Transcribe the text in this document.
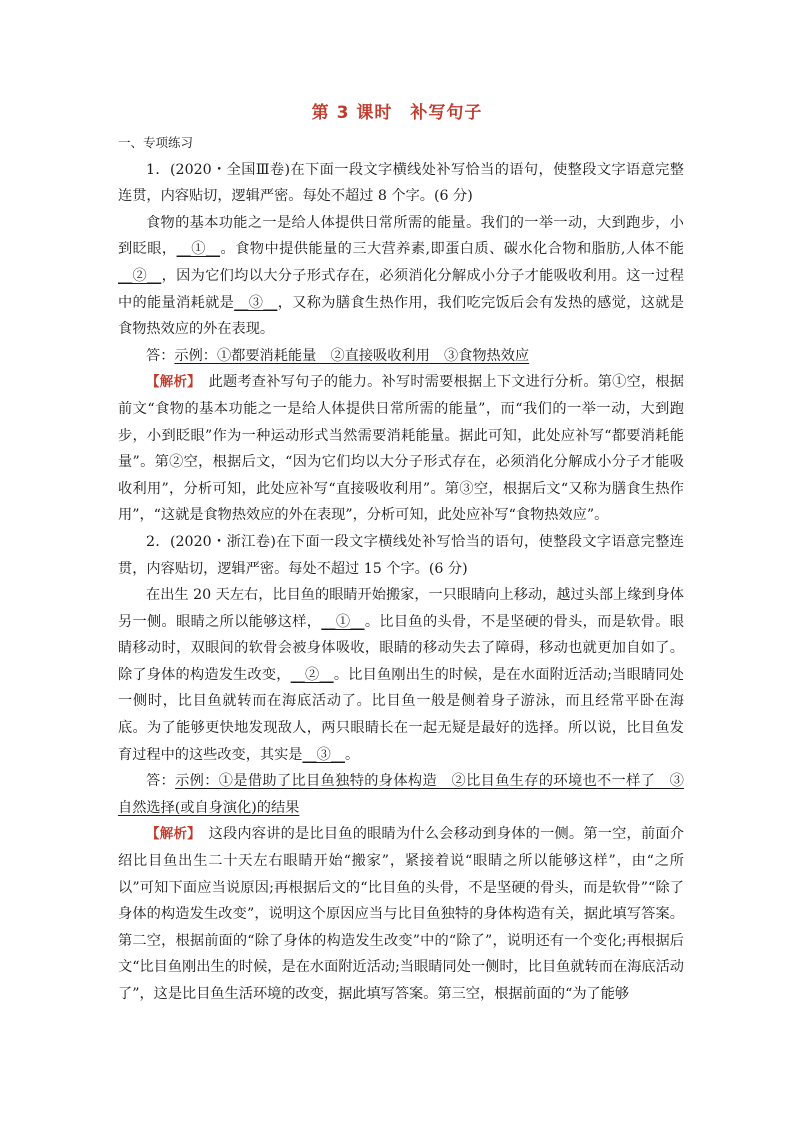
第 3 课时　补写句子

一、专项练习

1．(2020・全国Ⅲ卷)在下面一段文字横线处补写恰当的语句，使整段文字语意完整连贯，内容贴切，逻辑严密。每处不超过 8 个字。(6 分)

食物的基本功能之一是给人体提供日常所需的能量。我们的一举一动，大到跑步，小到眨眼，__①__。食物中提供能量的三大营养素,即蛋白质、碳水化合物和脂肪,人体不能__②__，因为它们均以大分子形式存在，必须消化分解成小分子才能吸收利用。这一过程中的能量消耗就是__③__，又称为膳食生热作用，我们吃完饭后会有发热的感觉，这就是食物热效应的外在表现。

答：示例：①都要消耗能量　②直接吸收利用　③食物热效应

【解析】　此题考查补写句子的能力。补写时需要根据上下文进行分析。第①空，根据前文“食物的基本功能之一是给人体提供日常所需的能量”，而“我们的一举一动，大到跑步，小到眨眼”作为一种运动形式当然需要消耗能量。据此可知，此处应补写“都要消耗能量”。第②空，根据后文，“因为它们均以大分子形式存在，必须消化分解成小分子才能吸收利用”，分析可知，此处应补写“直接吸收利用”。第③空，根据后文“又称为膳食生热作用”，“这就是食物热效应的外在表现”，分析可知，此处应补写“食物热效应”。

2．(2020・浙江卷)在下面一段文字横线处补写恰当的语句，使整段文字语意完整连贯，内容贴切，逻辑严密。每处不超过 15 个字。(6 分)

在出生 20 天左右，比目鱼的眼睛开始搬家，一只眼睛向上移动，越过头部上缘到身体另一侧。眼睛之所以能够这样，__①__。比目鱼的头骨，不是坚硬的骨头，而是软骨。眼睛移动时，双眼间的软骨会被身体吸收，眼睛的移动失去了障碍，移动也就更加自如了。除了身体的构造发生改变，__②__。比目鱼刚出生的时候，是在水面附近活动;当眼睛同处一侧时，比目鱼就转而在海底活动了。比目鱼一般是侧着身子游泳，而且经常平卧在海底。为了能够更快地发现敌人，两只眼睛长在一起无疑是最好的选择。所以说，比目鱼发育过程中的这些改变，其实是__③__。

答：示例：①是借助了比目鱼独特的身体构造　②比目鱼生存的环境也不一样了　③自然选择(或自身演化)的结果

【解析】　这段内容讲的是比目鱼的眼睛为什么会移动到身体的一侧。第一空，前面介绍比目鱼出生二十天左右眼睛开始“搬家”，紧接着说“眼睛之所以能够这样”，由“之所以”可知下面应当说原因;再根据后文的“比目鱼的头骨，不是坚硬的骨头，而是软骨”“除了身体的构造发生改变”，说明这个原因应当与比目鱼独特的身体构造有关，据此填写答案。第二空，根据前面的“除了身体的构造发生改变”中的“除了”，说明还有一个变化;再根据后文“比目鱼刚出生的时候，是在水面附近活动;当眼睛同处一侧时，比目鱼就转而在海底活动了”，这是比目鱼生活环境的改变，据此填写答案。第三空，根据前面的“为了能够
